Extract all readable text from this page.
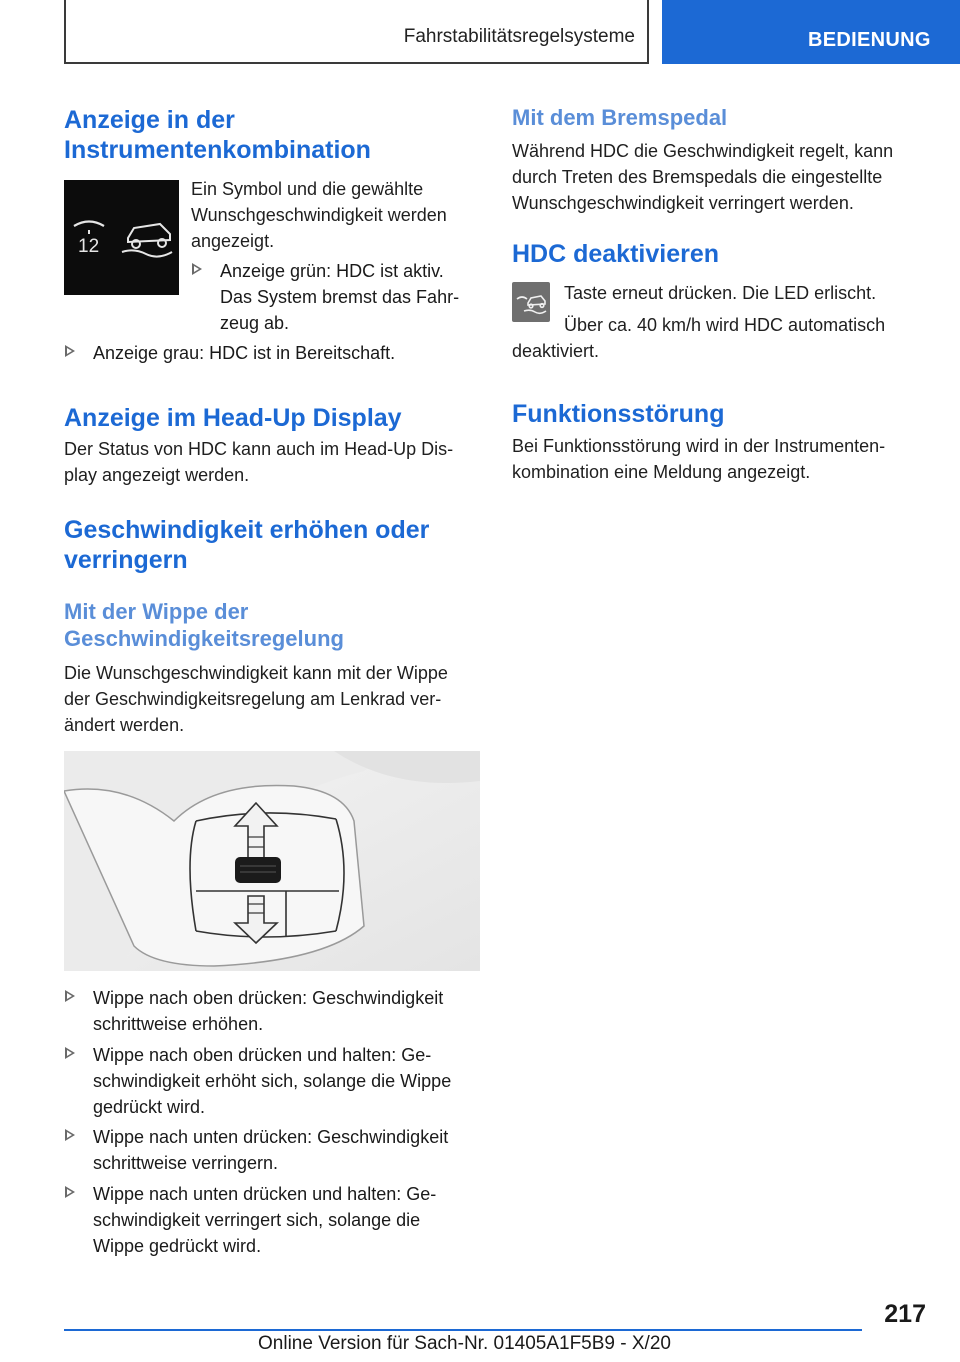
Fahrstabilitätsregelsysteme	BEDIENUNG
Anzeige in der
Instrumentenkombination
12

Ein Symbol und die gewählte
Wunschgeschwindigkeit werden
angezeigt.

Anzeige grün: HDC ist aktiv.
Das System bremst das Fahr-
zeug ab.
Anzeige grau: HDC ist in Bereitschaft.
Anzeige im Head-Up Display

Der Status von HDC kann auch im Head-Up Dis-
play angezeigt werden.

Geschwindigkeit erhöhen oder
verringern
Mit der Wippe der
Geschwindigkeitsregelung

Die Wunschgeschwindigkeit kann mit der Wippe
der Geschwindigkeitsregelung am Lenkrad ver-
ändert werden.

Wippe nach oben drücken: Geschwindigkeit
schrittweise erhöhen.
Wippe nach oben drücken und halten: Ge-
schwindigkeit erhöht sich, solange die Wippe
gedrückt wird.
Wippe nach unten drücken: Geschwindigkeit
schrittweise verringern.
Wippe nach unten drücken und halten: Ge-
schwindigkeit verringert sich, solange die
Wippe gedrückt wird.
Mit dem Bremspedal

Während HDC die Geschwindigkeit regelt, kann
durch Treten des Bremspedals die eingestellte
Wunschgeschwindigkeit verringert werden.

HDC deaktivieren

Taste erneut drücken. Die LED erlischt.

Über ca. 40 km/h wird HDC automatisch

deaktiviert.

Funktionsstörung

Bei Funktionsstörung wird in der Instrumenten-
kombination eine Meldung angezeigt.

217
Online Version für Sach-Nr. 01405A1F5B9 - X/20
